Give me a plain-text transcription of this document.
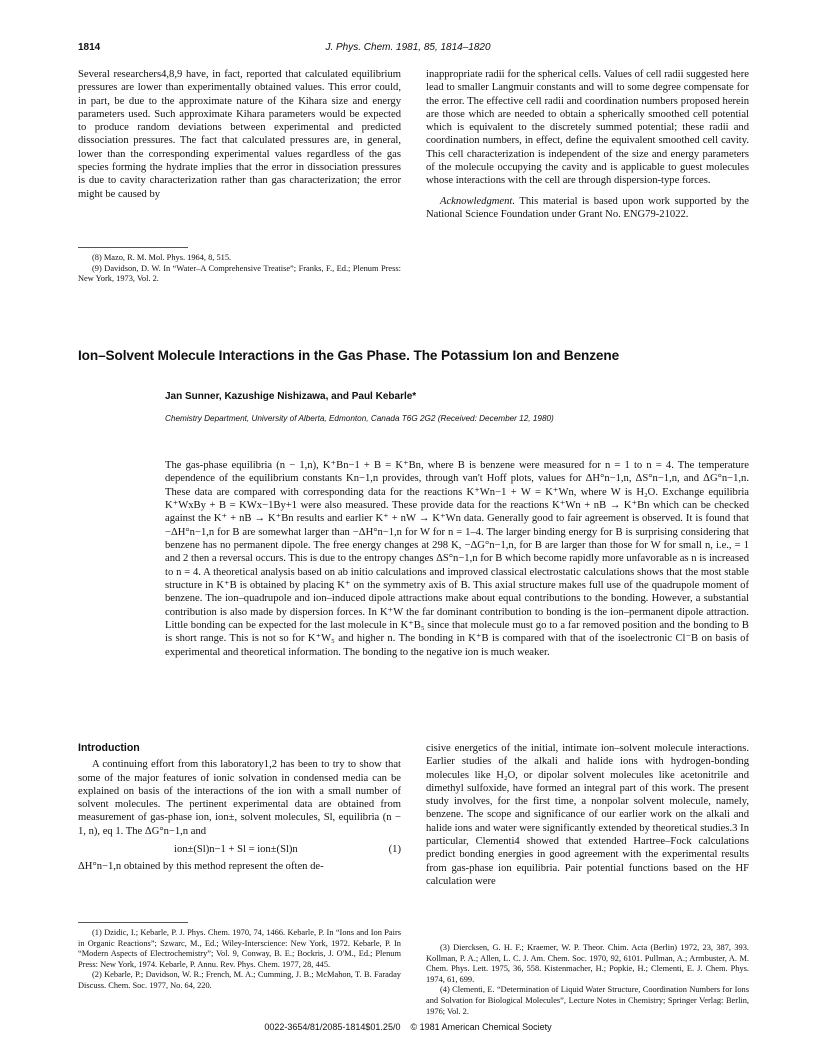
1814	J. Phys. Chem. 1981, 85, 1814–1820

Several researchers4,8,9 have, in fact, reported that calculated equilibrium pressures are lower than experimentally obtained values. This error could, in part, be due to the approximate nature of the Kihara size and energy parameters used. Such approximate Kihara parameters would be expected to produce random deviations between experimental and predicted dissociation pressures. The fact that calculated pressures are, in general, lower than the corresponding experimental values regardless of the gas species forming the hydrate implies that the error in dissociation pressures is due to cavity characterization rather than gas characterization; the error might be caused by

(8) Mazo, R. M. Mol. Phys. 1964, 8, 515.

(9) Davidson, D. W. In “Water–A Comprehensive Treatise”; Franks, F., Ed.; Plenum Press: New York, 1973, Vol. 2.

inappropriate radii for the spherical cells. Values of cell radii suggested here lead to smaller Langmuir constants and will to some degree compensate for the error. The effective cell radii and coordination numbers proposed herein are those which are needed to obtain a spherically smoothed cell potential which is equivalent to the discretely summed potential; these radii and coordination numbers, in effect, define the equivalent smoothed cell cavity. This cell characterization is independent of the size and energy parameters of the molecule occupying the cavity and is applicable to guest molecules whose interactions with the cell are through dispersion-type forces.

Acknowledgment. This material is based upon work supported by the National Science Foundation under Grant No. ENG79-21022.

Ion–Solvent Molecule Interactions in the Gas Phase. The Potassium Ion and Benzene
Jan Sunner, Kazushige Nishizawa, and Paul Kebarle*
Chemistry Department, University of Alberta, Edmonton, Canada T6G 2G2 (Received: December 12, 1980)
The gas-phase equilibria (n − 1,n), K⁺Bn−1 + B = K⁺Bn, where B is benzene were measured for n = 1 to n = 4. The temperature dependence of the equilibrium constants Kn−1,n provides, through van't Hoff plots, values for ΔH°n−1,n, ΔS°n−1,n, and ΔG°n−1,n. These data are compared with corresponding data for the reactions K⁺Wn−1 + W = K⁺Wn, where W is H₂O. Exchange equilibria K⁺WxBy + B = KWx−1By+1 were also measured. These provide data for the reactions K⁺Wn + nB → K⁺Bn which can be checked against the K⁺ + nB → K⁺Bn results and earlier K⁺ + nW → K⁺Wn data. Generally good to fair agreement is observed. It is found that −ΔH°n−1,n for B are somewhat larger than −ΔH°n−1,n for W for n = 1–4. The larger binding energy for B is surprising considering that benzene has no permanent dipole. The free energy changes at 298 K, −ΔG°n−1,n, for B are larger than those for W for small n, i.e., = 1 and 2 then a reversal occurs. This is due to the entropy changes ΔS°n−1,n for B which become rapidly more unfavorable as n is increased to n = 4. A theoretical analysis based on ab initio calculations and improved classical electrostatic calculations shows that the most stable structure in K⁺B is obtained by placing K⁺ on the symmetry axis of B. This axial structure makes full use of the quadrupole moment of benzene. The ion–quadrupole and ion–induced dipole attractions make about equal contributions to the bonding. However, a substantial contribution is also made by dispersion forces. In K⁺W the far dominant contribution to bonding is the ion–permanent dipole attraction. Little bonding can be expected for the last molecule in K⁺B₅ since that molecule must go to a far removed position and the bonding to B is short range. This is not so for K⁺W₅ and higher n. The bonding in K⁺B is compared with that of the isoelectronic Cl⁻B on basis of experimental and theoretical information. The bonding to the negative ion is much weaker.

Introduction

A continuing effort from this laboratory1,2 has been to try to show that some of the major features of ionic solvation in condensed media can be explained on basis of the interactions of the ion with a small number of solvent molecules. The pertinent experimental data are obtained from measurement of gas-phase ion, ion±, solvent molecules, Sl, equilibria (n − 1, n), eq 1. The ΔG°n−1,n and

ion±(Sl)n−1 + Sl = ion±(Sl)n	(1)

ΔH°n−1,n obtained by this method represent the often de-

cisive energetics of the initial, intimate ion–solvent molecule interactions. Earlier studies of the alkali and halide ions with hydrogen-bonding molecules like H₂O, or dipolar solvent molecules like acetonitrile and dimethyl sulfoxide, have formed an integral part of this work. The present study involves, for the first time, a nonpolar solvent molecule, namely, benzene. The scope and significance of our earlier work on the alkali and halide ions and water were significantly extended by theoretical studies.3 In particular, Clementi4 showed that extended Hartree–Fock calculations predict bonding energies in good agreement with the experimental results from gas-phase ion equilibria. Pair potential functions based on the HF calculation were

(1) Dzidic, I.; Kebarle, P. J. Phys. Chem. 1970, 74, 1466. Kebarle, P. In “Ions and Ion Pairs in Organic Reactions”; Szwarc, M., Ed.; Wiley-Interscience: New York, 1972. Kebarle, P. In “Modern Aspects of Electrochemistry”; Vol. 9, Conway, B. E.; Bockris, J. O'M., Ed.; Plenum Press: New York, 1974. Kebarle, P. Annu. Rev. Phys. Chem. 1977, 28, 445.

(2) Kebarle, P.; Davidson, W. R.; French, M. A.; Cumming, J. B.; McMahon, T. B. Faraday Discuss. Chem. Soc. 1977, No. 64, 220.

(3) Diercksen, G. H. F.; Kraemer, W. P. Theor. Chim. Acta (Berlin) 1972, 23, 387, 393. Kollman, P. A.; Allen, L. C. J. Am. Chem. Soc. 1970, 92, 6101. Pullman, A.; Armbuster, A. M. Chem. Phys. Lett. 1975, 36, 558. Kistenmacher, H.; Popkie, H.; Clementi, E. J. Chem. Phys. 1974, 61, 699.

(4) Clementi, E. “Determination of Liquid Water Structure, Coordination Numbers for Ions and Solvation for Biological Molecules”, Lecture Notes in Chemistry; Springer Verlag: Berlin, 1976; Vol. 2.

0022-3654/81/2085-1814$01.25/0 © 1981 American Chemical Society
